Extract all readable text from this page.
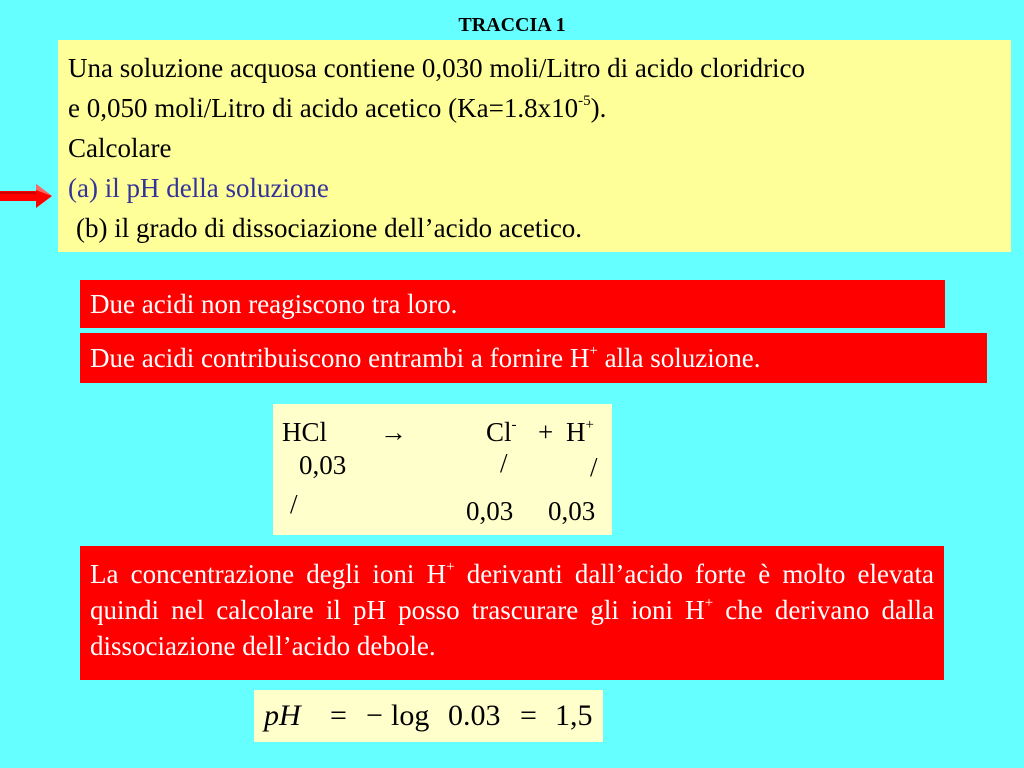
TRACCIA 1
Una soluzione acquosa contiene 0,030 moli/Litro di acido cloridrico
e 0,050 moli/Litro di acido acetico $(Ka=1.8x10^{-5})$.
Calcolare
(a) il pH della soluzione
(b) il grado di dissociazione dell’acido acetico.
Due acidi non reagiscono tra loro.
Due acidi contribuiscono entrambi a fornire H+ alla soluzione.
HCl →	Cl- + H+
0,03	/	/
/	0,03 0,03
La concentrazione degli ioni H+ derivanti dall’acido forte è molto elevata quindi nel calcolare il pH posso trascurare gli ioni H+ che derivano dalla dissociazione dell’acido debole.
pH = − log 0.03 = 1,5
